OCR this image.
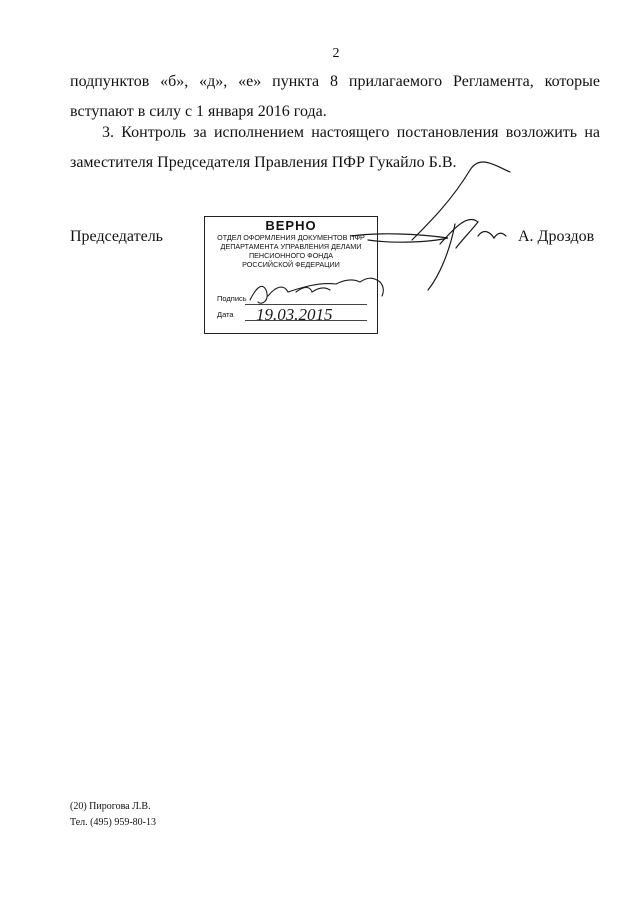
2

подпунктов «б», «д», «е» пункта 8 прилагаемого Регламента, которые вступают в силу с 1 января 2016 года.

3. Контроль за исполнением настоящего постановления возложить на заместителя Председателя Правления ПФР Гукайло Б.В.

Председатель	А. Дроздов
ВЕРНО
ОТДЕЛ ОФОРМЛЕНИЯ ДОКУМЕНТОВ ПФР
ДЕПАРТАМЕНТА УПРАВЛЕНИЯ ДЕЛАМИ
ПЕНСИОННОГО ФОНДА
РОССИЙСКОЙ ФЕДЕРАЦИИ
Подпись
Дата 19.03.2015
(20) Пирогова Л.В.
Тел. (495) 959-80-13
